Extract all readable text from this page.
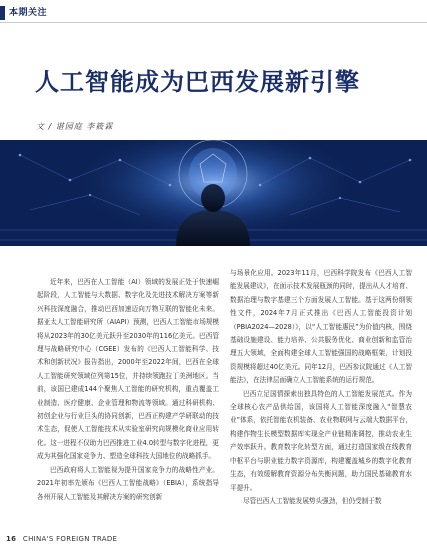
本期关注
人工智能成为巴西发展新引擎
文 / 谌园庭 李筱霖

近年来，巴西在人工智能（AI）领域的发展正处于快速崛起阶段，人工智能与大数据、数字化及先进技术解决方案等新兴科技深度融合，推动巴西加速迈向万物互联的智能化未来。据亚太人工智能研究所（AIAPI）预测，巴西人工智能市场规模将从2023年的30亿美元跃升至2030年的116亿美元。巴西管理与战略研究中心（CGEE）发布的《巴西人工智能科学、技术和创新状况》报告指出，2000年至2022年间，巴西在全球人工智能研究领域位列第15位，并持续领跑拉丁美洲地区。当前，该国已建成144个聚焦人工智能的研究机构，重点覆盖工业制造、医疗健康、企业管理和物流等领域。通过科研机构、初创企业与行业巨头的协同创新，巴西正构建产学研联动的技术生态，促使人工智能技术从实验室研究向规模化商业应用转化。这一进程不仅助力巴西推进工业4.0转型与数字化进程，更成为其强化国家竞争力、塑造全球科技大国地位的战略抓手。

巴西政府将人工智能视为提升国家竞争力的战略性产业。2021年初率先颁布《巴西人工智能战略》（EBIA），系统指导各州开展人工智能及其解决方案的研究创新

与场景化应用。2023年11月，巴西科学院发布《巴西人工智能发展建议》，在面示技术发展瓶颈的同时，提出从人才培育、数据治理与数字基建三个方面发展人工智能。基于这两份纲领性文件，2024年7月正式推出《巴西人工智能投资计划（PBIA2024—2028）》，以“人工智能惠民”为价值内核，围绕基础设施建设、能力培养、公共服务优化、商业创新和监管治理五大领域，全面构建全球人工智能强国的战略框架，计划投资规模将超过40亿美元。同年12月，巴西参议院通过《人工智能法》，在法律层面确立人工智能系统的运行规范。

巴西立足国情探索出独具特色的人工智能发展范式。作为全球核心农产品供给国，该国将人工智能深度融入“智慧农业”体系，依托智能农机装备、农业物联网与云端大数据平台，构建作物生长模型数据库实现全产业链精准调控，推动农业生产效率跃升。教育数字化转型方面，通过打造国家级在线教育中枢平台与职业能力数字资源库，构建覆盖城乡的数字化教育生态，有效缓解教育资源分布失衡问题，助力国民基础教育水平提升。

尽管巴西人工智能发展势头强劲，但仍受制于数

16 CHINA'S FOREIGN TRADE
